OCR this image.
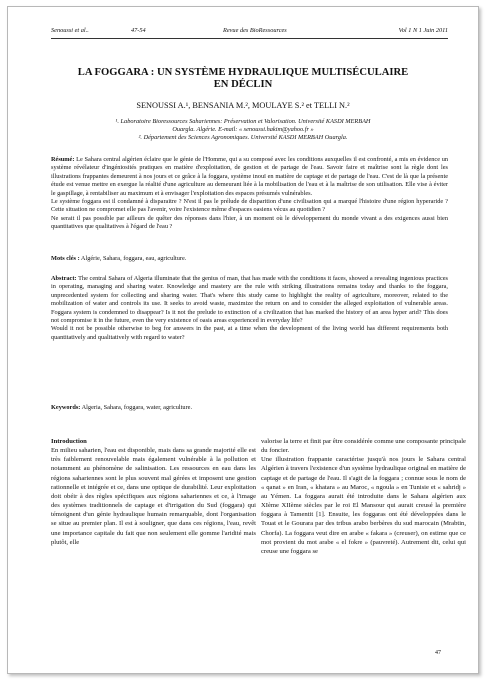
Senoussi et al..	47-54	Revue des BioRessources	Vol 1 N 1 Juin 2011
LA FOGGARA : UN SYSTÈME HYDRAULIQUE MULTISÉCULAIRE
EN DÉCLIN
SENOUSSI A.¹, BENSANIA M.², MOULAYE S.² et TELLI N.²
¹. Laboratoire Bioressources Sahariennes: Préservation et Valorisation. Université KASDI MERBAH
Ouargla. Algérie. E-mail: « senoussi.hakim@yahoo.fr »
². Département des Sciences Agronomiques. Université KASDI MERBAH Ouargla.
Résumé: Le Sahara central algérien éclaire que le génie de l'Homme, qui a su composé avec les conditions auxquelles il est confronté, a mis en évidence un système révélateur d'ingéniosités pratiques en matière d'exploitation, de gestion et de partage de l'eau. Savoir faire et maîtrise sont la règle dont les illustrations frappantes demeurent à nos jours et ce grâce à la foggara, système inouï en matière de captage et de partage de l'eau. C'est de là que la présente étude est venue mettre en exergue la réalité d'une agriculture au demeurant liée à la mobilisation de l'eau et à la maîtrise de son utilisation. Elle vise à éviter le gaspillage, à rentabiliser au maximum et à envisager l'exploitation des espaces présumés vulnérables.
Le système foggara est il condamné à disparaitre ? N'est il pas le prélude de disparition d'une civilisation qui a marqué l'histoire d'une région hyperaride ? Cette situation ne compromet elle pas l'avenir, voire l'existence même d'espaces oasiens vécus au quotidien ?
Ne serait il pas possible par ailleurs de quêter des réponses dans l'hier, à un moment où le développement du monde vivant a des exigences aussi bien quantitatives que qualitatives à l'égard de l'eau ?
Mots clés : Algérie, Sahara, foggara, eau, agriculture.
Abstract: The central Sahara of Algeria illuminate that the genius of man, that has made with the conditions it faces, showed a revealing ingenious practices in operating, managing and sharing water. Knowledge and mastery are the rule with striking illustrations remains today and thanks to the foggara, unprecedented system for collecting and sharing water. That's where this study came to highlight the reality of agriculture, moreover, related to the mobilization of water and controls its use. It seeks to avoid waste, maximize the return on and to consider the alleged exploitation of vulnerable areas. Foggara system is condemned to disappear? Is it not the prelude to extinction of a civilization that has marked the history of an area hyper arid? This does not compromise it in the future, even the very existence of oasis areas experienced in everyday life?
Would it not be possible otherwise to beg for answers in the past, at a time when the development of the living world has different requirements both quantitatively and qualitatively with regard to water?
Keywords: Algeria, Sahara, foggara, water, agriculture.
Introduction
En milieu saharien, l'eau est disponible, mais dans sa grande majorité elle est très faiblement renouvelable mais également vulnérable à la pollution et notamment au phénomène de salinisation. Les ressources en eau dans les régions sahariennes sont le plus souvent mal gérées et imposent une gestion rationnelle et intégrée et ce, dans une optique de durabilité. Leur exploitation doit obéir à des règles spécifiques aux régions sahariennes et ce, à l'image des systèmes traditionnels de captage et d'irrigation du Sud (foggara) qui témoignent d'un génie hydraulique humain remarquable, dont l'organisation se situe au premier plan. Il est à souligner, que dans ces régions, l'eau, revêt une importance capitale du fait que non seulement elle gomme l'aridité mais plutôt, elle
valorise la terre et finit par être considérée comme une composante principale du foncier.
Une illustration frappante caractérise jusqu'à nos jours le Sahara central Algérien à travers l'existence d'un système hydraulique original en matière de captage et de partage de l'eau. Il s'agit de la foggara ; connue sous le nom de « qanat » en Iran, « khatara » au Maroc, « ngoula » en Tunisie et « sahridj » au Yémen. La foggara aurait été introduite dans le Sahara algérien aux XIème XIIème siècles par le roi El Mansour qui aurait creusé la première foggara à Tamentit [1]. Ensuite, les foggaras ont été développées dans le Touat et le Gourara par des tribus arabo berbères du sud marocain (Mrabtin, Chorfa). La foggara veut dire en arabe « fakara » (creuser), on estime que ce mot provient du mot arabe « el fokre » (pauvreté). Autrement dit, celui qui creuse une foggara se
47
